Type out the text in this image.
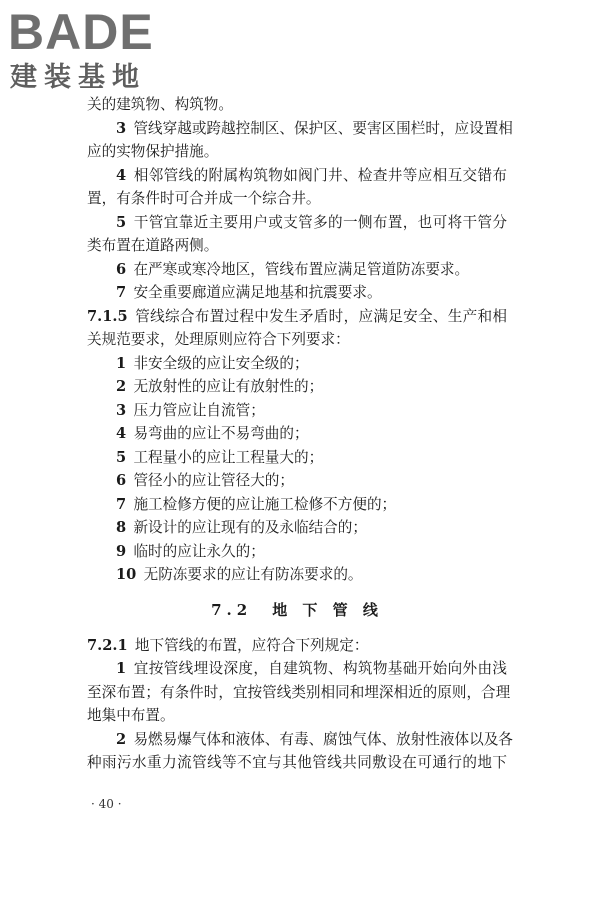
BADE
建装基地
关的建筑物、构筑物。
3  管线穿越或跨越控制区、保护区、要害区围栏时，应设置相
应的实物保护措施。
4  相邻管线的附属构筑物如阀门井、检查井等应相互交错布
置，有条件时可合并成一个综合井。
5  干管宜靠近主要用户或支管多的一侧布置，也可将干管分
类布置在道路两侧。
6  在严寒或寒冷地区，管线布置应满足管道防冻要求。
7  安全重要廊道应满足地基和抗震要求。
7.1.5  管线综合布置过程中发生矛盾时，应满足安全、生产和相
关规范要求，处理原则应符合下列要求：
1  非安全级的应让安全级的；
2  无放射性的应让有放射性的；
3  压力管应让自流管；
4  易弯曲的应让不易弯曲的；
5  工程量小的应让工程量大的；
6  管径小的应让管径大的；
7  施工检修方便的应让施工检修不方便的；
8  新设计的应让现有的及永临结合的；
9  临时的应让永久的；
10  无防冻要求的应让有防冻要求的。
7.2　地 下 管 线
7.2.1  地下管线的布置，应符合下列规定：
1  宜按管线埋设深度，自建筑物、构筑物基础开始向外由浅
至深布置；有条件时，宜按管线类别相同和埋深相近的原则，合理
地集中布置。
2  易燃易爆气体和液体、有毒、腐蚀气体、放射性液体以及各
种雨污水重力流管线等不宜与其他管线共同敷设在可通行的地下
· 40 ·
